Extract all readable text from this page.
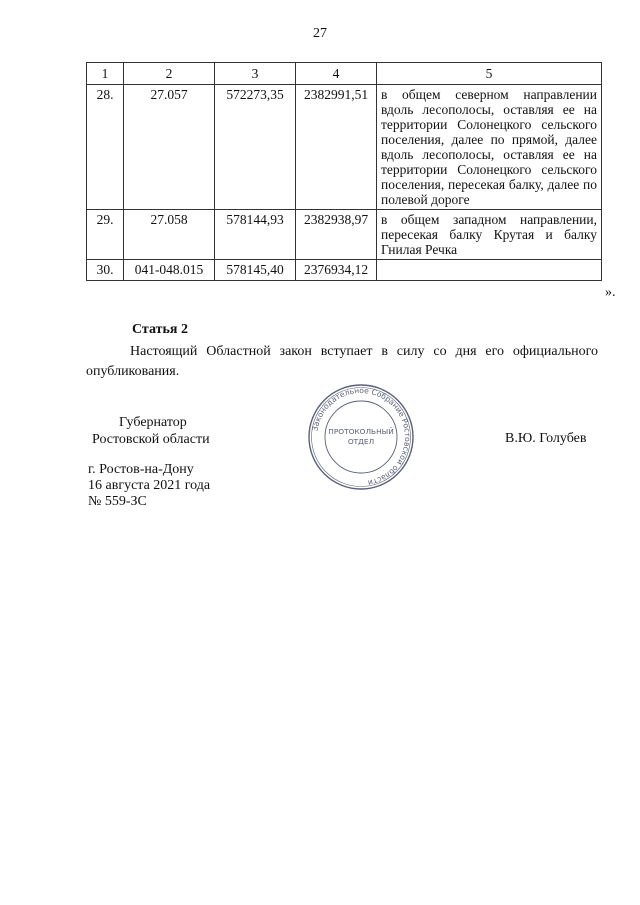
27
1	2	3	4	5
28.	27.057	572273,35	2382991,51	в общем северном направлении вдоль лесополосы, оставляя ее на территории Солонецкого сельского поселения, далее по прямой, далее вдоль лесополосы, оставляя ее на территории Солонецкого сельского поселения, пересекая балку, далее по полевой дороге
29.	27.058	578144,93	2382938,97	в общем западном направлении, пересекая балку Крутая и балку Гнилая Речка
30.	041-048.015	578145,40	2376934,12	
».
Статья 2
Настоящий Областной закон вступает в силу со дня его официального опубликования.
Губернатор
Ростовской области
Законодательное Собрание Ростовской области
ПРОТОКОЛЬНЫЙ
ОТДЕЛ	В.Ю. Голубев
г. Ростов-на-Дону
16 августа 2021 года
№ 559-ЗС
